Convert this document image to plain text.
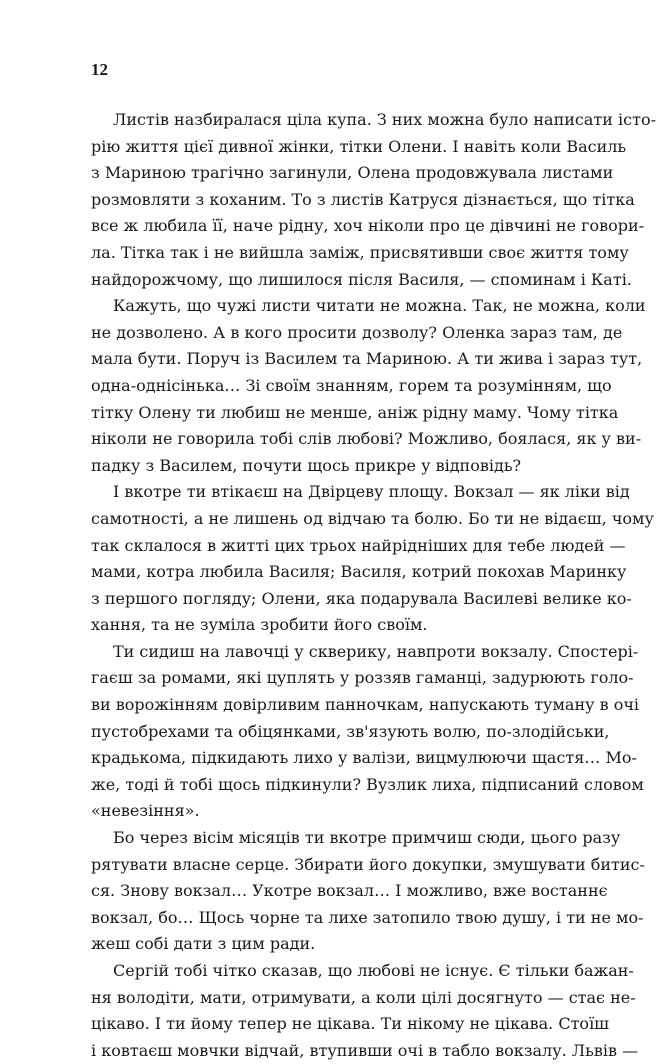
12
Листів назбиралася ціла купа. З них можна було написати істо-
рію життя цієї дивної жінки, тітки Олени. І навіть коли Василь
з Мариною трагічно загинули, Олена продовжувала листами
розмовляти з коханим. То з листів Катруся дізнається, що тітка
все ж любила її, наче рідну, хоч ніколи про це дівчині не говори-
ла. Тітка так і не вийшла заміж, присвятивши своє життя тому
найдорожчому, що лишилося після Василя, — споминам і Каті.
Кажуть, що чужі листи читати не можна. Так, не можна, коли
не дозволено. А в кого просити дозволу? Оленка зараз там, де
мала бути. Поруч із Василем та Мариною. А ти жива і зараз тут,
одна-однісінька… Зі своїм знанням, горем та розумінням, що
тітку Олену ти любиш не менше, аніж рідну маму. Чому тітка
ніколи не говорила тобі слів любові? Можливо, боялася, як у ви-
падку з Василем, почути щось прикре у відповідь?
І вкотре ти втікаєш на Двірцеву площу. Вокзал — як ліки від
самотності, а не лишень од відчаю та болю. Бо ти не відаєш, чому
так склалося в житті цих трьох найрідніших для тебе людей —
мами, котра любила Василя; Василя, котрий покохав Маринку
з першого погляду; Олени, яка подарувала Василеві велике ко-
хання, та не зуміла зробити його своїм.
Ти сидиш на лавочці у скверику, навпроти вокзалу. Спостері-
гаєш за ромами, які цуплять у роззяв гаманці, задурюють голо-
ви ворожінням довірливим панночкам, напускають туману в очі
пустобрехами та обіцянками, зв'язують волю, по-злодійськи,
крадькома, підкидають лихо у валізи, вицмулюючи щастя… Мо-
же, тоді й тобі щось підкинули? Вузлик лиха, підписаний словом
«невезіння».
Бо через вісім місяців ти вкотре примчиш сюди, цього разу
рятувати власне серце. Збирати його докупки, змушувати битис-
ся. Знову вокзал… Укотре вокзал… І можливо, вже востаннє
вокзал, бо… Щось чорне та лихе затопило твою душу, і ти не мо-
жеш собі дати з цим ради.
Сергій тобі чітко сказав, що любові не існує. Є тільки бажан-
ня володіти, мати, отримувати, а коли цілі досягнуто — стає не-
цікаво. І ти йому тепер не цікава. Ти нікому не цікава. Стоїш
і ковтаєш мовчки відчай, втупивши очі в табло вокзалу. Львів —
